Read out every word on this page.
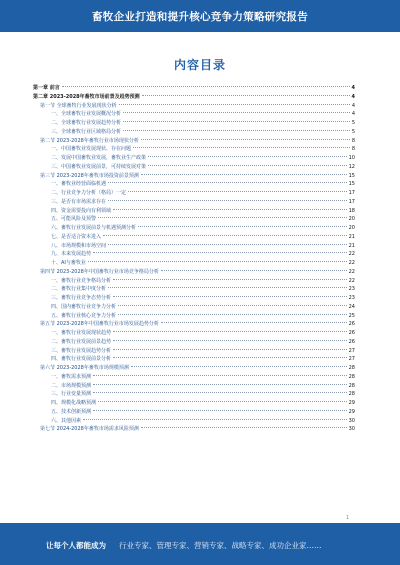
畜牧企业打造和提升核心竞争力策略研究报告
内容目录
第一章 前言	4
第二章 2023-2028年畜牧市场前景及趋势预测	4
第一节 全球畜牧行业发展现状分析	4
一、全球畜牧行业发展概况分析	4
二、全球畜牧行业发展趋势分析	5
三、全球畜牧行业区域格局分析	5
第二节 2023-2028年畜牧行业市场现状分析	8
一、中国畜牧业发展现状、存在问题	8
二、发展中国畜牧业发展，畜牧业生产政策	10
三、中国畜牧业发展前景，可持续发展对策	12
第三节 2023-2028年畜牧市场投资前景预测	15
一、畜牧业经营面临机遇	15
二、行业竞争力分析（格局）一定	17
三、是否有市场需求存在	17
四、资金需要投向有利领域	18
五、可能风险及预警	20
六、畜牧行业发展前景与机遇预测分析	20
七、是否适合资本进入	21
八、市场规模和市场空间	21
九、未来发展趋势	22
十、AI与畜牧业	22
第四节 2023-2028年中国畜牧行业市场竞争格局分析	22
一、畜牧行业竞争格局分析	22
二、畜牧行业集中度分析	23
三、畜牧行业竞争态势分析	23
四、国内畜牧行业竞争力分析	24
五、畜牧行业核心竞争力分析	25
第五节 2023-2028年中国畜牧行业市场发展趋势分析	26
一、畜牧行业发展现状趋势	26
二、畜牧行业发展前景趋势	26
三、畜牧行业发展趋势分析	27
四、畜牧行业发展前景分析	27
第六节 2023-2028年畜牧市场规模预测	28
一、畜牧需求预测	28
二、市场规模预测	28
三、行业变量预测	28
四、规模化战略预测	29
五、技术创新预测	29
六、其他因素	30
第七节 2024-2028年畜牧市场需求风险预测	30
1
让每个人都能成为 行业专家、管理专家、营销专家、战略专家、成功企业家……
